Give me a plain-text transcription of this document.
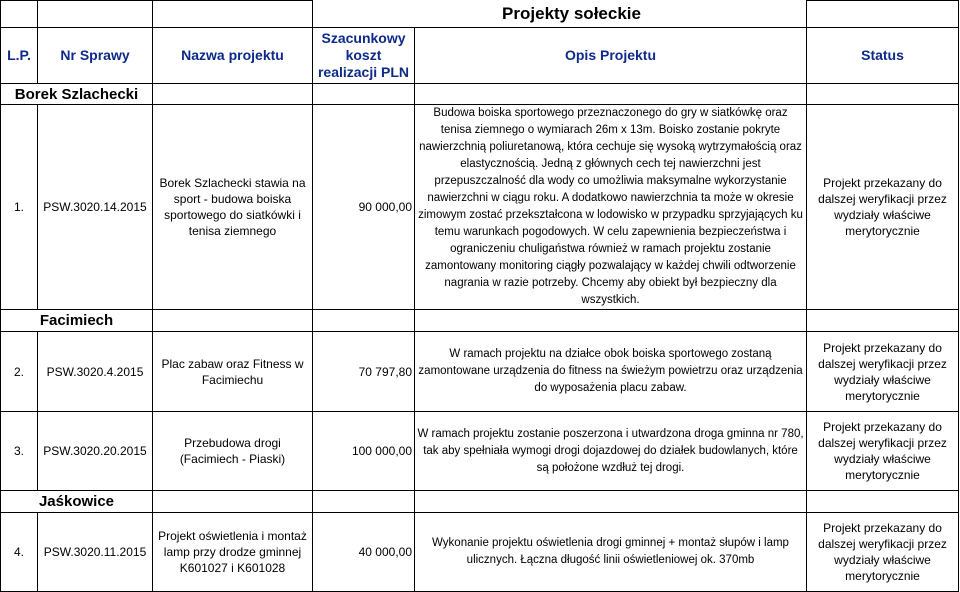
			Projekty sołeckie		
L.P.	Nr Sprawy	Nazwa projektu	Szacunkowy koszt realizacji PLN	Opis Projektu	Status
Borek Szlachecki					
1.	PSW.3020.14.2015	Borek Szlachecki stawia na sport - budowa boiska sportowego do siatkówki i tenisa ziemnego	90 000,00	Budowa boiska sportowego przeznaczonego do gry w siatkówkę oraz tenisa ziemnego o wymiarach 26m x 13m. Boisko zostanie pokryte nawierzchnią poliuretanową, która cechuje się wysoką wytrzymałością oraz elastycznością. Jedną z głównych cech tej nawierzchni jest przepuszczalność dla wody co umożliwia maksymalne wykorzystanie nawierzchni w ciągu roku. A dodatkowo nawierzchnia ta może w okresie zimowym zostać przekształcona w lodowisko w przypadku sprzyjających ku temu warunkach pogodowych. W celu zapewnienia bezpieczeństwa i ograniczeniu chuligaństwa również w ramach projektu zostanie zamontowany monitoring ciągły pozwalający w każdej chwili odtworzenie nagrania w razie potrzeby. Chcemy aby obiekt był bezpieczny dla wszystkich.	Projekt przekazany do dalszej weryfikacji przez wydziały właściwe merytorycznie
Facimiech					
2.	PSW.3020.4.2015	Plac zabaw oraz Fitness w Facimiechu	70 797,80	W ramach projektu na działce obok boiska sportowego zostaną zamontowane urządzenia do fitness na świeżym powietrzu oraz urządzenia do wyposażenia placu zabaw.	Projekt przekazany do dalszej weryfikacji przez wydziały właściwe merytorycznie
3.	PSW.3020.20.2015	Przebudowa drogi (Facimiech - Piaski)	100 000,00	W ramach projektu zostanie poszerzona i utwardzona droga gminna nr 780, tak aby spełniała wymogi drogi dojazdowej do działek budowlanych, które są położone wzdłuż tej drogi.	Projekt przekazany do dalszej weryfikacji przez wydziały właściwe merytorycznie
Jaśkowice					
4.	PSW.3020.11.2015	Projekt oświetlenia i montaż lamp przy drodze gminnej K601027 i K601028	40 000,00	Wykonanie projektu oświetlenia drogi gminnej + montaż słupów i lamp ulicznych. Łączna długość linii oświetleniowej ok. 370mb	Projekt przekazany do dalszej weryfikacji przez wydziały właściwe merytorycznie
